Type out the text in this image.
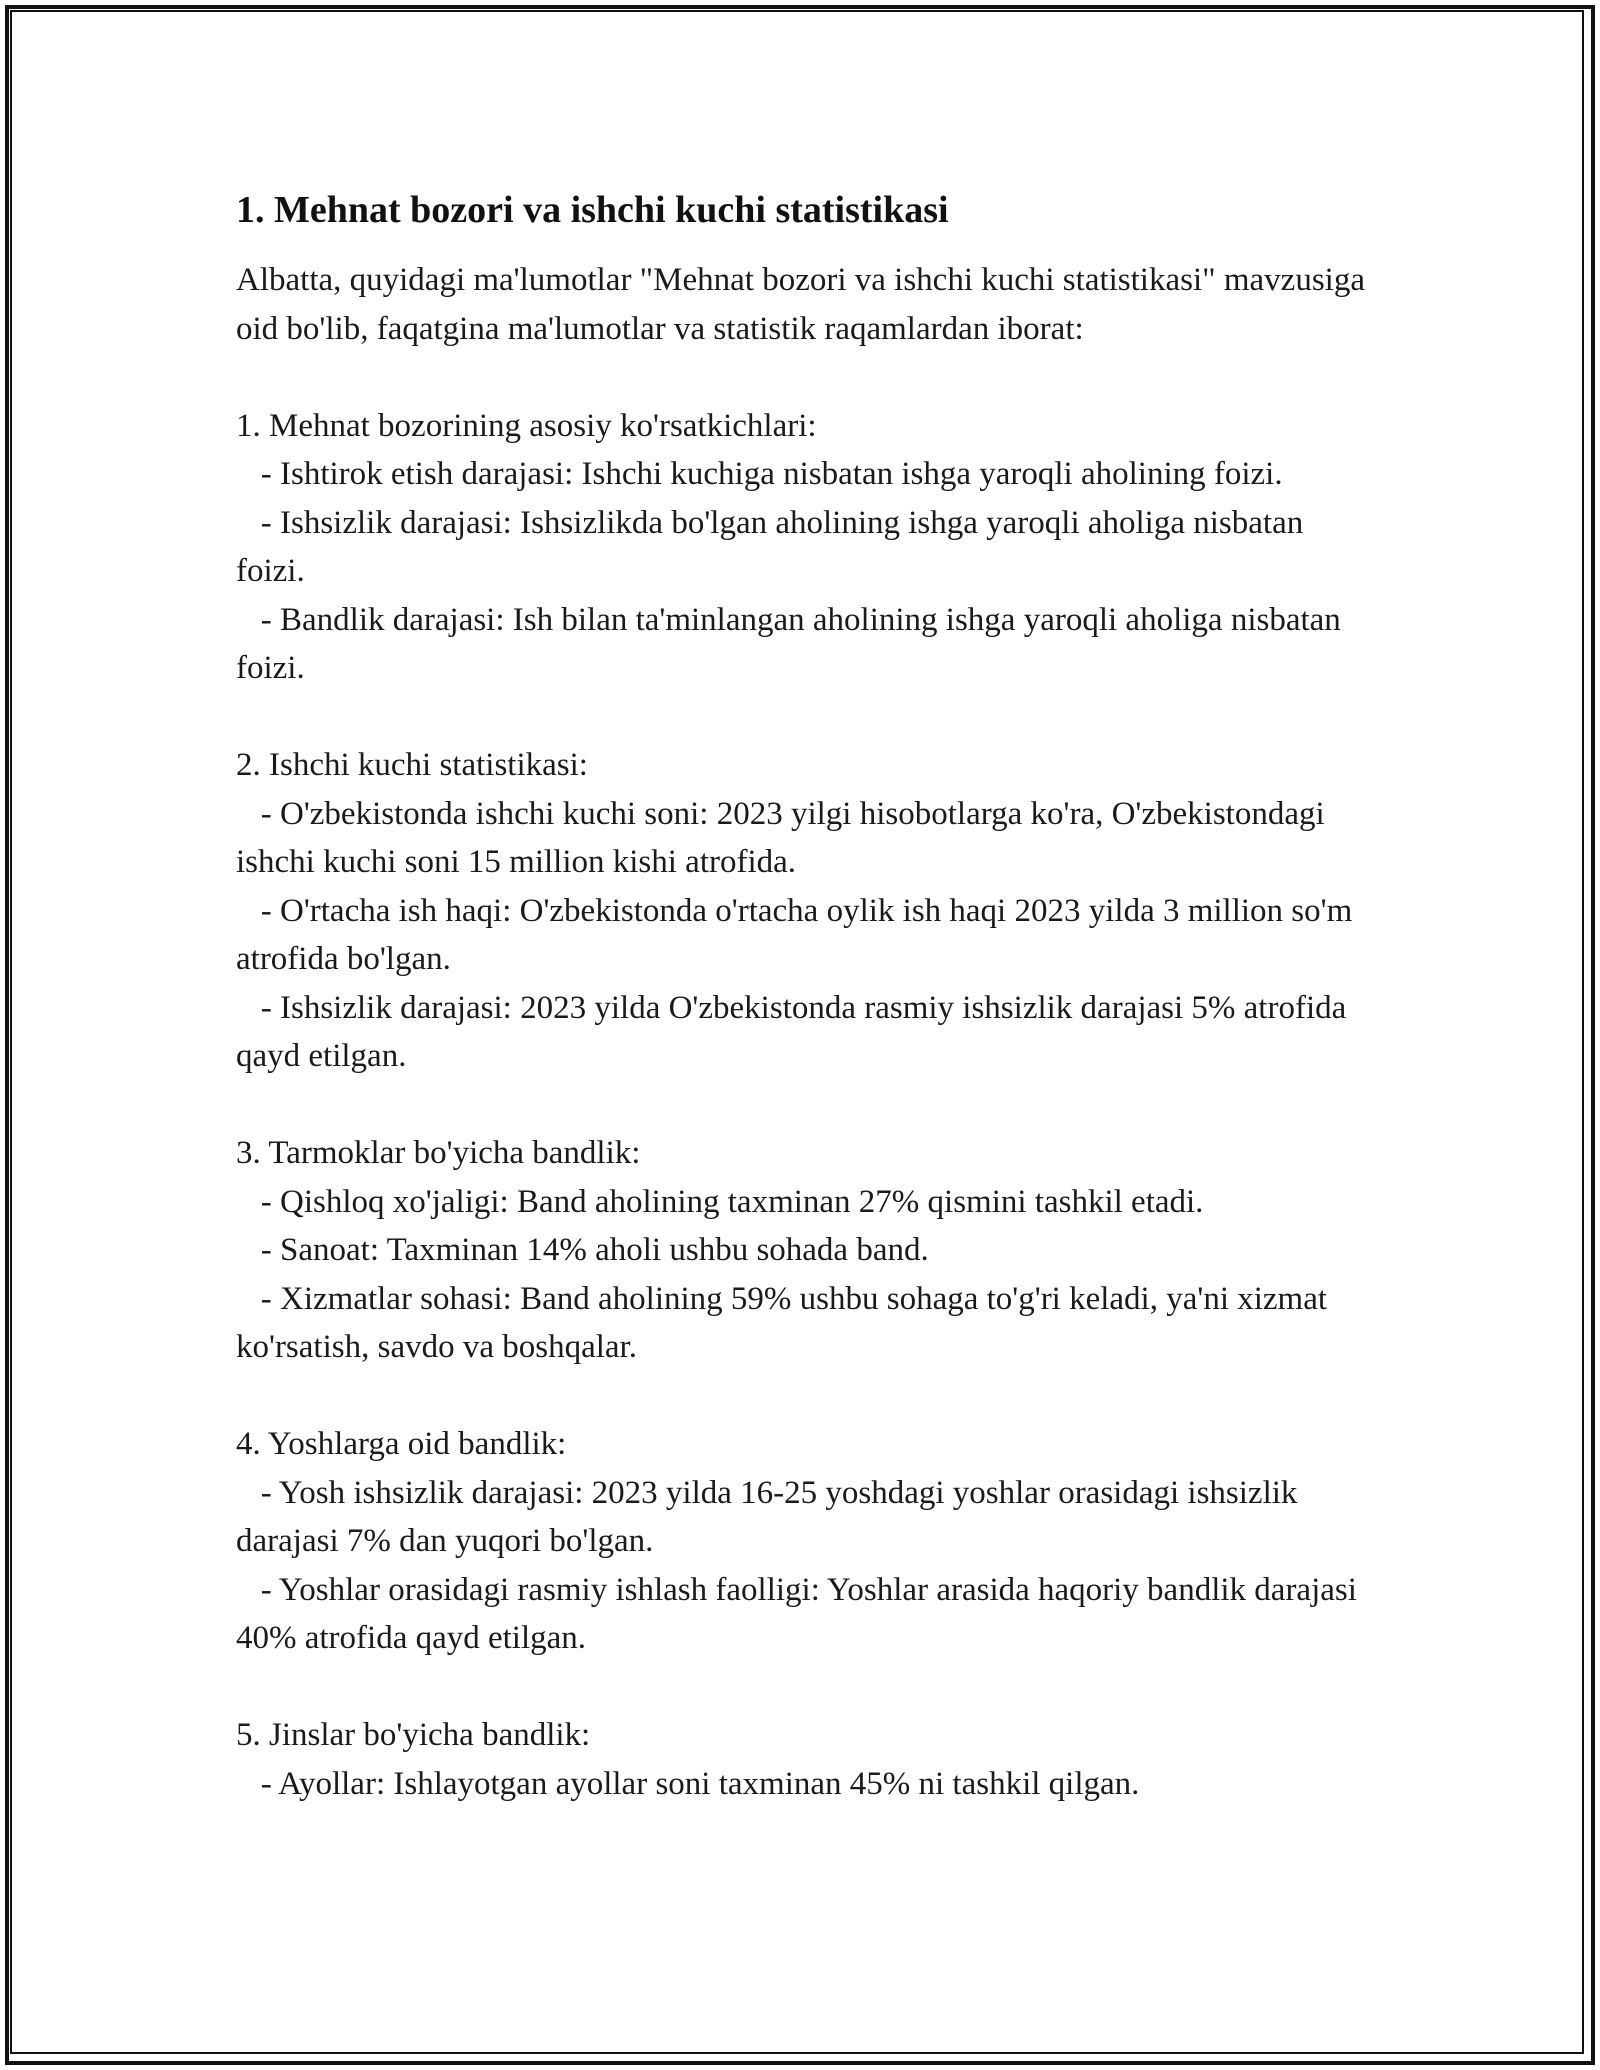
1. Mehnat bozori va ishchi kuchi statistikasi

Albatta, quyidagi ma'lumotlar "Mehnat bozori va ishchi kuchi statistikasi" mavzusiga oid bo'lib, faqatgina ma'lumotlar va statistik raqamlardan iborat:

1. Mehnat bozorining asosiy ko'rsatkichlari:

- Ishtirok etish darajasi: Ishchi kuchiga nisbatan ishga yaroqli aholining foizi.

- Ishsizlik darajasi: Ishsizlikda bo'lgan aholining ishga yaroqli aholiga nisbatan foizi.

- Bandlik darajasi: Ish bilan ta'minlangan aholining ishga yaroqli aholiga nisbatan foizi.

2. Ishchi kuchi statistikasi:

- O'zbekistonda ishchi kuchi soni: 2023 yilgi hisobotlarga ko'ra, O'zbekistondagi ishchi kuchi soni 15 million kishi atrofida.

- O'rtacha ish haqi: O'zbekistonda o'rtacha oylik ish haqi 2023 yilda 3 million so'm atrofida bo'lgan.

- Ishsizlik darajasi: 2023 yilda O'zbekistonda rasmiy ishsizlik darajasi 5% atrofida qayd etilgan.

3. Tarmoklar bo'yicha bandlik:

- Qishloq xo'jaligi: Band aholining taxminan 27% qismini tashkil etadi.

- Sanoat: Taxminan 14% aholi ushbu sohada band.

- Xizmatlar sohasi: Band aholining 59% ushbu sohaga to'g'ri keladi, ya'ni xizmat ko'rsatish, savdo va boshqalar.

4. Yoshlarga oid bandlik:

- Yosh ishsizlik darajasi: 2023 yilda 16-25 yoshdagi yoshlar orasidagi ishsizlik darajasi 7% dan yuqori bo'lgan.

- Yoshlar orasidagi rasmiy ishlash faolligi: Yoshlar arasida haqoriy bandlik darajasi 40% atrofida qayd etilgan.

5. Jinslar bo'yicha bandlik:

- Ayollar: Ishlayotgan ayollar soni taxminan 45% ni tashkil qilgan.
